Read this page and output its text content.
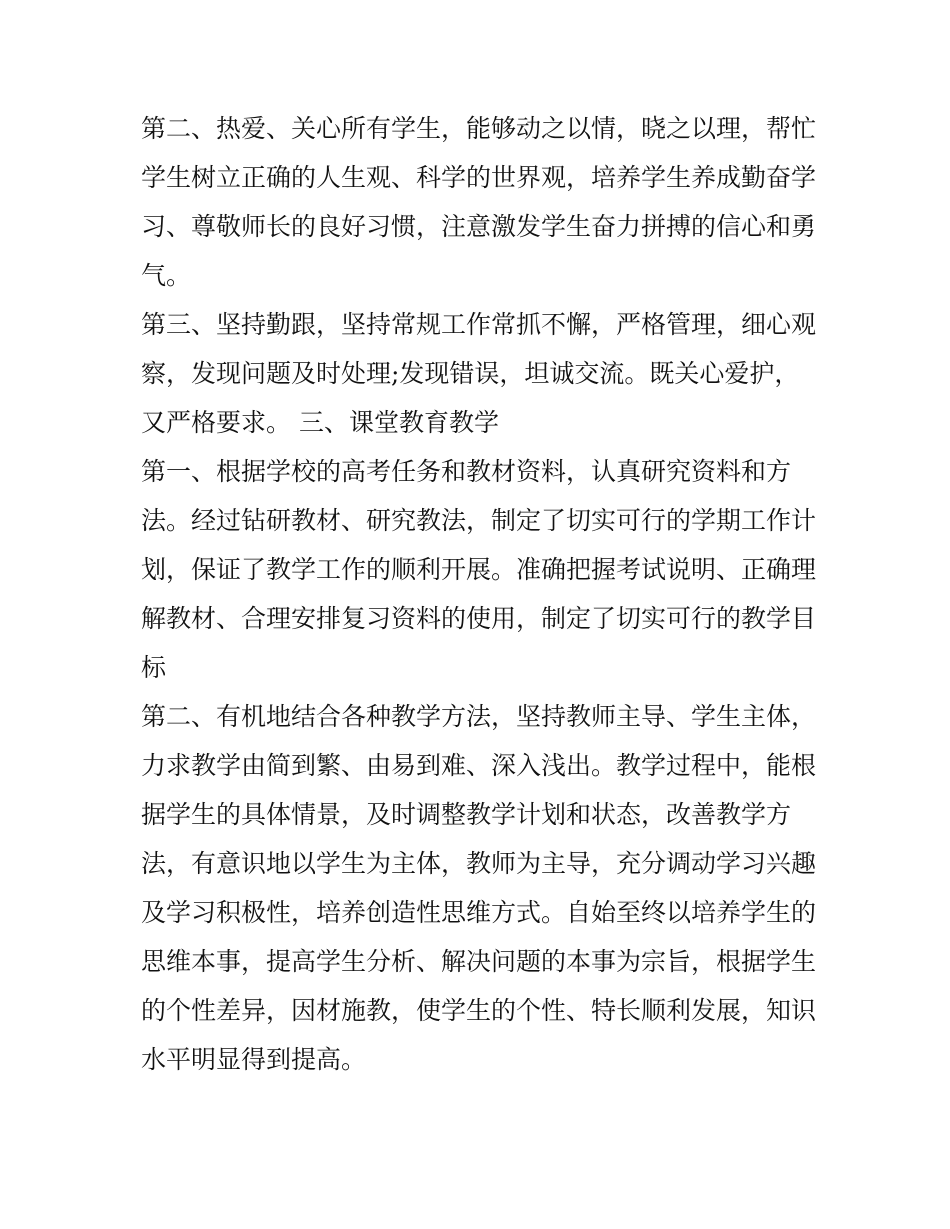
第二、热爱、关心所有学生，能够动之以情，晓之以理，帮忙
学生树立正确的人生观、科学的世界观，培养学生养成勤奋学
习、尊敬师长的良好习惯，注意激发学生奋力拼搏的信心和勇
气。
第三、坚持勤跟，坚持常规工作常抓不懈，严格管理，细心观
察，发现问题及时处理;发现错误，坦诚交流。既关心爱护，
又严格要求。 三、课堂教育教学
第一、根据学校的高考任务和教材资料，认真研究资料和方
法。经过钻研教材、研究教法，制定了切实可行的学期工作计
划，保证了教学工作的顺利开展。准确把握考试说明、正确理
解教材、合理安排复习资料的使用，制定了切实可行的教学目
标
第二、有机地结合各种教学方法，坚持教师主导、学生主体，
力求教学由简到繁、由易到难、深入浅出。教学过程中，能根
据学生的具体情景，及时调整教学计划和状态，改善教学方
法，有意识地以学生为主体，教师为主导，充分调动学习兴趣
及学习积极性，培养创造性思维方式。自始至终以培养学生的
思维本事，提高学生分析、解决问题的本事为宗旨，根据学生
的个性差异，因材施教，使学生的个性、特长顺利发展，知识
水平明显得到提高。
